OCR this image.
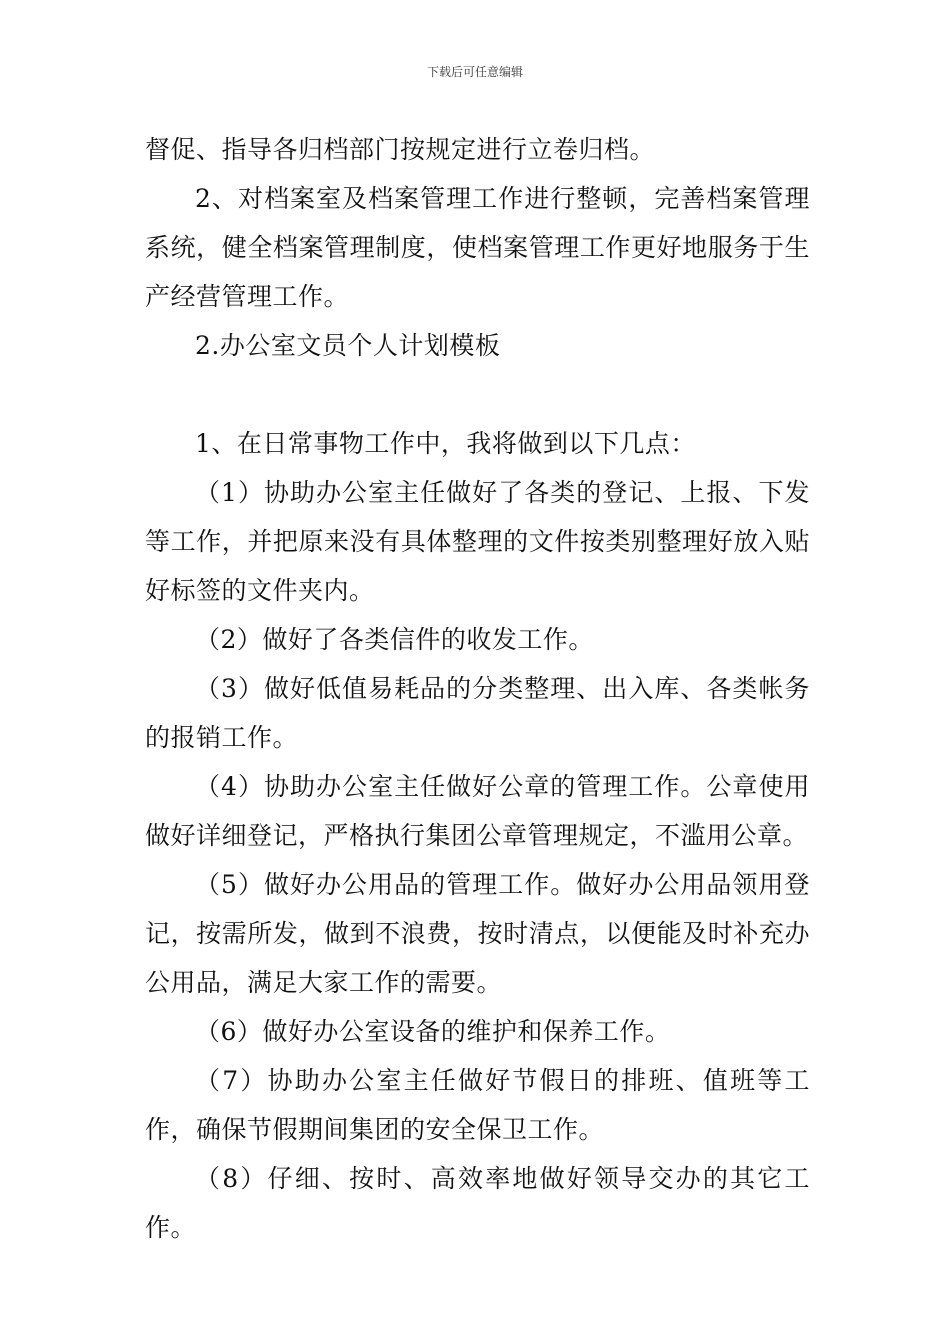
下载后可任意编辑

督促、指导各归档部门按规定进行立卷归档。

2、对档案室及档案管理工作进行整顿，完善档案管理系统，健全档案管理制度，使档案管理工作更好地服务于生产经营管理工作。

2.办公室文员个人计划模板

1、在日常事物工作中，我将做到以下几点：

（1）协助办公室主任做好了各类的登记、上报、下发等工作，并把原来没有具体整理的文件按类别整理好放入贴好标签的文件夹内。

（2）做好了各类信件的收发工作。

（3）做好低值易耗品的分类整理、出入库、各类帐务的报销工作。

（4）协助办公室主任做好公章的管理工作。公章使用做好详细登记，严格执行集团公章管理规定，不滥用公章。

（5）做好办公用品的管理工作。做好办公用品领用登记，按需所发，做到不浪费，按时清点，以便能及时补充办公用品，满足大家工作的需要。

（6）做好办公室设备的维护和保养工作。

（7）协助办公室主任做好节假日的排班、值班等工作，确保节假期间集团的安全保卫工作。

（8）仔细、按时、高效率地做好领导交办的其它工作。
